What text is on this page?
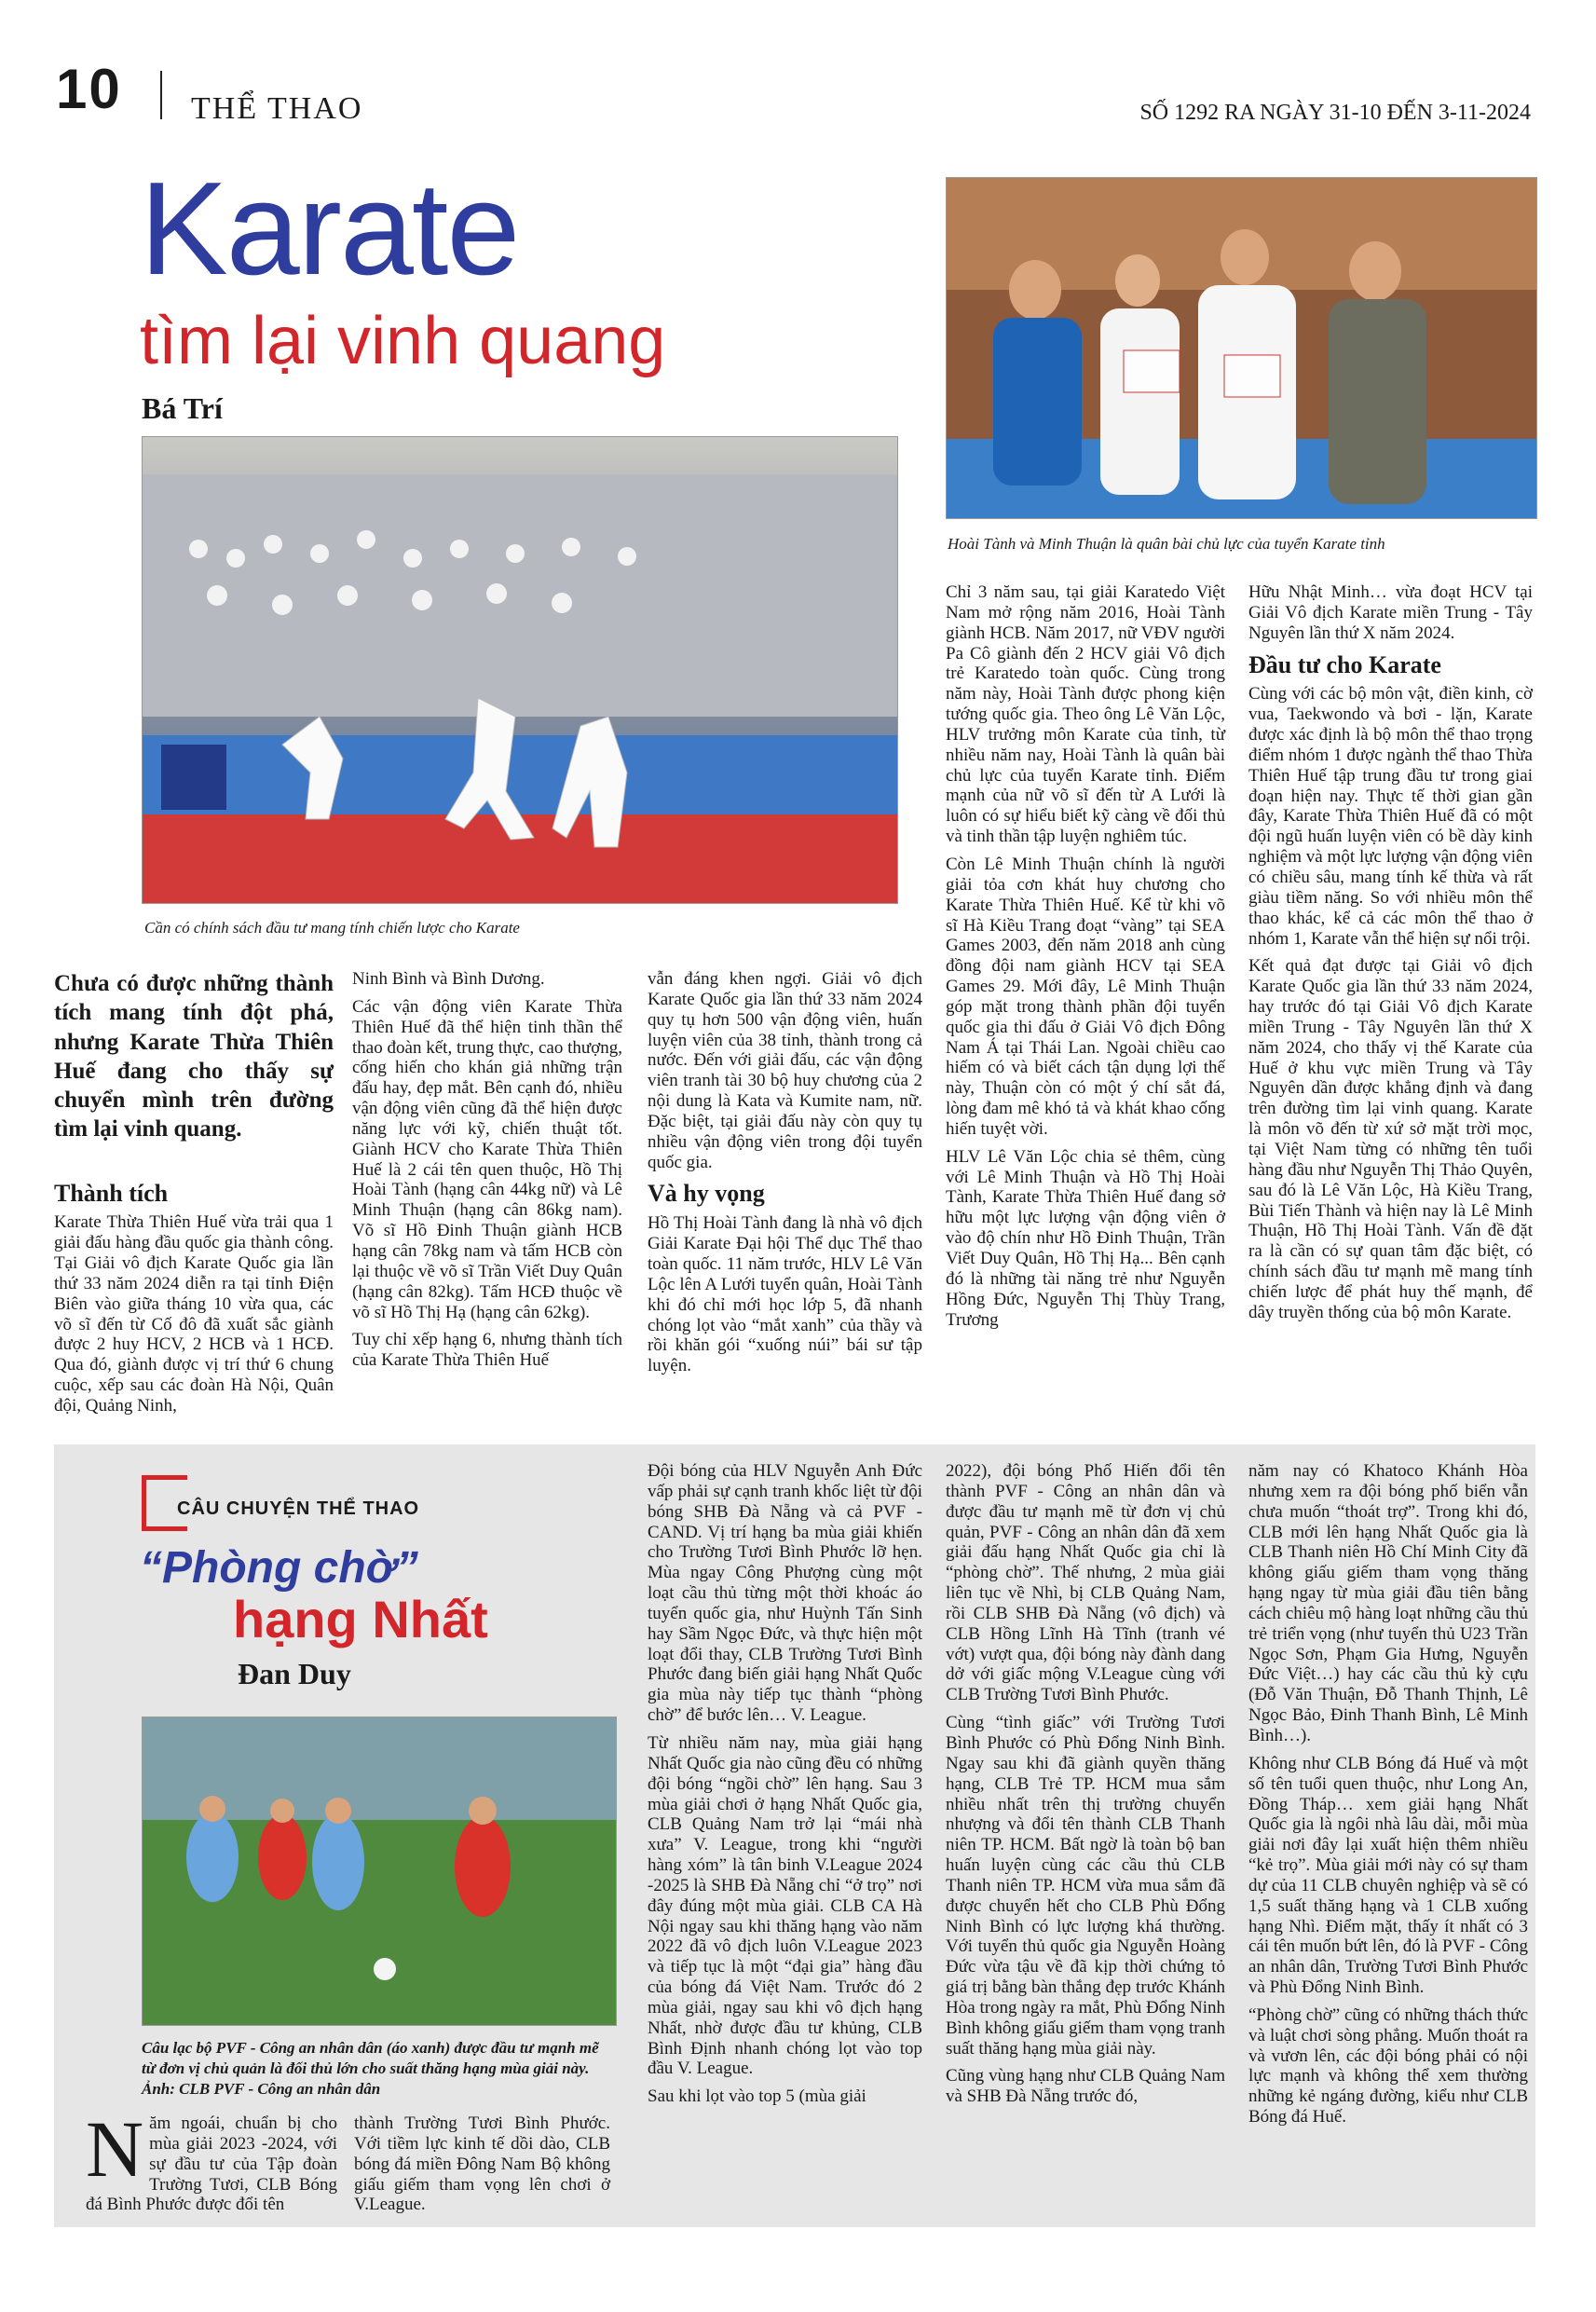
10 THỂ THAO	SỐ 1292 RA NGÀY 31-10 ĐẾN 3-11-2024
Karate
tìm lại vinh quang
Bá Trí
Cần có chính sách đầu tư mang tính chiến lược cho Karate
Hoài Tành và Minh Thuận là quân bài chủ lực của tuyển Karate tỉnh
Chưa có được những thành tích mang tính đột phá, nhưng Karate Thừa Thiên Huế đang cho thấy sự chuyển mình trên đường tìm lại vinh quang.
Thành tích

Karate Thừa Thiên Huế vừa trải qua 1 giải đấu hàng đầu quốc gia thành công. Tại Giải vô địch Karate Quốc gia lần thứ 33 năm 2024 diễn ra tại tỉnh Điện Biên vào giữa tháng 10 vừa qua, các võ sĩ đến từ Cố đô đã xuất sắc giành được 2 huy HCV, 2 HCB và 1 HCĐ. Qua đó, giành được vị trí thứ 6 chung cuộc, xếp sau các đoàn Hà Nội, Quân đội, Quảng Ninh,

Ninh Bình và Bình Dương.

Các vận động viên Karate Thừa Thiên Huế đã thể hiện tinh thần thể thao đoàn kết, trung thực, cao thượng, cống hiến cho khán giả những trận đấu hay, đẹp mắt. Bên cạnh đó, nhiều vận động viên cũng đã thể hiện được năng lực với kỹ, chiến thuật tốt. Giành HCV cho Karate Thừa Thiên Huế là 2 cái tên quen thuộc, Hồ Thị Hoài Tành (hạng cân 44kg nữ) và Lê Minh Thuận (hạng cân 86kg nam). Võ sĩ Hồ Đinh Thuận giành HCB hạng cân 78kg nam và tấm HCB còn lại thuộc về võ sĩ Trần Viết Duy Quân (hạng cân 82kg). Tấm HCĐ thuộc về võ sĩ Hồ Thị Hạ (hạng cân 62kg).

Tuy chỉ xếp hạng 6, nhưng thành tích của Karate Thừa Thiên Huế

vẫn đáng khen ngợi. Giải vô địch Karate Quốc gia lần thứ 33 năm 2024 quy tụ hơn 500 vận động viên, huấn luyện viên của 38 tỉnh, thành trong cả nước. Đến với giải đấu, các vận động viên tranh tài 30 bộ huy chương của 2 nội dung là Kata và Kumite nam, nữ. Đặc biệt, tại giải đấu này còn quy tụ nhiều vận động viên trong đội tuyển quốc gia.

Và hy vọng

Hồ Thị Hoài Tành đang là nhà vô địch Giải Karate Đại hội Thể dục Thể thao toàn quốc. 11 năm trước, HLV Lê Văn Lộc lên A Lưới tuyển quân, Hoài Tành khi đó chỉ mới học lớp 5, đã nhanh chóng lọt vào “mắt xanh” của thầy và rồi khăn gói “xuống núi” bái sư tập luyện.

Chỉ 3 năm sau, tại giải Karatedo Việt Nam mở rộng năm 2016, Hoài Tành giành HCB. Năm 2017, nữ VĐV người Pa Cô giành đến 2 HCV giải Vô địch trẻ Karatedo toàn quốc. Cùng trong năm này, Hoài Tành được phong kiện tướng quốc gia. Theo ông Lê Văn Lộc, HLV trưởng môn Karate của tỉnh, từ nhiều năm nay, Hoài Tành là quân bài chủ lực của tuyển Karate tỉnh. Điểm mạnh của nữ võ sĩ đến từ A Lưới là luôn có sự hiểu biết kỹ càng về đối thủ và tinh thần tập luyện nghiêm túc.

Còn Lê Minh Thuận chính là người giải tỏa cơn khát huy chương cho Karate Thừa Thiên Huế. Kể từ khi võ sĩ Hà Kiều Trang đoạt “vàng” tại SEA Games 2003, đến năm 2018 anh cùng đồng đội nam giành HCV tại SEA Games 29. Mới đây, Lê Minh Thuận góp mặt trong thành phần đội tuyển quốc gia thi đấu ở Giải Vô địch Đông Nam Á tại Thái Lan. Ngoài chiều cao hiếm có và biết cách tận dụng lợi thế này, Thuận còn có một ý chí sắt đá, lòng đam mê khó tả và khát khao cống hiến tuyệt vời.

HLV Lê Văn Lộc chia sẻ thêm, cùng với Lê Minh Thuận và Hồ Thị Hoài Tành, Karate Thừa Thiên Huế đang sở hữu một lực lượng vận động viên ở vào độ chín như Hồ Đinh Thuận, Trần Viết Duy Quân, Hồ Thị Hạ... Bên cạnh đó là những tài năng trẻ như Nguyễn Hồng Đức, Nguyễn Thị Thùy Trang, Trương

Hữu Nhật Minh… vừa đoạt HCV tại Giải Vô địch Karate miền Trung - Tây Nguyên lần thứ X năm 2024.

Đầu tư cho Karate

Cùng với các bộ môn vật, điền kinh, cờ vua, Taekwondo và bơi - lặn, Karate được xác định là bộ môn thể thao trọng điểm nhóm 1 được ngành thể thao Thừa Thiên Huế tập trung đầu tư trong giai đoạn hiện nay. Thực tế thời gian gần đây, Karate Thừa Thiên Huế đã có một đội ngũ huấn luyện viên có bề dày kinh nghiệm và một lực lượng vận động viên có chiều sâu, mang tính kế thừa và rất giàu tiềm năng. So với nhiều môn thể thao khác, kể cả các môn thể thao ở nhóm 1, Karate vẫn thể hiện sự nổi trội.

Kết quả đạt được tại Giải vô địch Karate Quốc gia lần thứ 33 năm 2024, hay trước đó tại Giải Vô địch Karate miền Trung - Tây Nguyên lần thứ X năm 2024, cho thấy vị thế Karate của Huế ở khu vực miền Trung và Tây Nguyên dần được khẳng định và đang trên đường tìm lại vinh quang. Karate là môn võ đến từ xứ sở mặt trời mọc, tại Việt Nam từng có những tên tuổi hàng đầu như Nguyễn Thị Thảo Quyên, sau đó là Lê Văn Lộc, Hà Kiều Trang, Bùi Tiến Thành và hiện nay là Lê Minh Thuận, Hồ Thị Hoài Tành. Vấn đề đặt ra là cần có sự quan tâm đặc biệt, có chính sách đầu tư mạnh mẽ mang tính chiến lược để phát huy thế mạnh, để dây truyền thống của bộ môn Karate.

CÂU CHUYỆN THỂ THAO
“Phòng chờ”
hạng Nhất
Đan Duy
Câu lạc bộ PVF - Công an nhân dân (áo xanh) được đầu tư mạnh mẽ từ đơn vị chủ quản là đối thủ lớn cho suất thăng hạng mùa giải này. Ảnh: CLB PVF - Công an nhân dân
N ăm ngoái, chuẩn bị cho mùa giải 2023 -2024, với sự đầu tư của Tập đoàn Trường Tươi, CLB Bóng đá Bình Phước được đổi tên

thành Trường Tươi Bình Phước. Với tiềm lực kinh tế dồi dào, CLB bóng đá miền Đông Nam Bộ không giấu giếm tham vọng lên chơi ở V.League.

Đội bóng của HLV Nguyễn Anh Đức vấp phải sự cạnh tranh khốc liệt từ đội bóng SHB Đà Nẵng và cả PVF - CAND. Vị trí hạng ba mùa giải khiến cho Trường Tươi Bình Phước lỡ hẹn. Mùa ngay Công Phượng cùng một loạt cầu thủ từng một thời khoác áo tuyển quốc gia, như Huỳnh Tấn Sinh hay Sầm Ngọc Đức, và thực hiện một loạt đổi thay, CLB Trường Tươi Bình Phước đang biến giải hạng Nhất Quốc gia mùa này tiếp tục thành “phòng chờ” để bước lên… V. League.

Từ nhiều năm nay, mùa giải hạng Nhất Quốc gia nào cũng đều có những đội bóng “ngồi chờ” lên hạng. Sau 3 mùa giải chơi ở hạng Nhất Quốc gia, CLB Quảng Nam trở lại “mái nhà xưa” V. League, trong khi “người hàng xóm” là tân binh V.League 2024 -2025 là SHB Đà Nẵng chỉ “ở trọ” nơi đây đúng một mùa giải. CLB CA Hà Nội ngay sau khi thăng hạng vào năm 2022 đã vô địch luôn V.League 2023 và tiếp tục là một “đại gia” hàng đầu của bóng đá Việt Nam. Trước đó 2 mùa giải, ngay sau khi vô địch hạng Nhất, nhờ được đầu tư khủng, CLB Bình Định nhanh chóng lọt vào top đầu V. League.

Sau khi lọt vào top 5 (mùa giải

2022), đội bóng Phố Hiến đổi tên thành PVF - Công an nhân dân và được đầu tư mạnh mẽ từ đơn vị chủ quản, PVF - Công an nhân dân đã xem giải đấu hạng Nhất Quốc gia chỉ là “phòng chờ”. Thế nhưng, 2 mùa giải liên tục về Nhì, bị CLB Quảng Nam, rồi CLB SHB Đà Nẵng (vô địch) và CLB Hồng Lĩnh Hà Tĩnh (tranh vé vớt) vượt qua, đội bóng này đành dang dở với giấc mộng V.League cùng với CLB Trường Tươi Bình Phước.

Cùng “tình giấc” với Trường Tươi Bình Phước có Phù Đổng Ninh Bình. Ngay sau khi đã giành quyền thăng hạng, CLB Trẻ TP. HCM mua sắm nhiều nhất trên thị trường chuyển nhượng và đổi tên thành CLB Thanh niên TP. HCM. Bất ngờ là toàn bộ ban huấn luyện cùng các cầu thủ CLB Thanh niên TP. HCM vừa mua sắm đã được chuyển hết cho CLB Phù Đổng Ninh Bình có lực lượng khá thường. Với tuyển thủ quốc gia Nguyễn Hoàng Đức vừa tậu về đã kịp thời chứng tỏ giá trị bằng bàn thắng đẹp trước Khánh Hòa trong ngày ra mắt, Phù Đổng Ninh Bình không giấu giếm tham vọng tranh suất thăng hạng mùa giải này.

Cũng vùng hạng như CLB Quảng Nam và SHB Đà Nẵng trước đó,

năm nay có Khatoco Khánh Hòa nhưng xem ra đội bóng phố biển vẫn chưa muốn “thoát trợ”. Trong khi đó, CLB mới lên hạng Nhất Quốc gia là CLB Thanh niên Hồ Chí Minh City đã không giấu giếm tham vọng thăng hạng ngay từ mùa giải đầu tiên bằng cách chiêu mộ hàng loạt những cầu thủ trẻ triển vọng (như tuyển thủ U23 Trần Ngọc Sơn, Phạm Gia Hưng, Nguyễn Đức Việt…) hay các cầu thủ kỳ cựu (Đỗ Văn Thuận, Đỗ Thanh Thịnh, Lê Ngọc Bảo, Đinh Thanh Bình, Lê Minh Bình…).

Không như CLB Bóng đá Huế và một số tên tuổi quen thuộc, như Long An, Đồng Tháp… xem giải hạng Nhất Quốc gia là ngôi nhà lâu dài, mỗi mùa giải nơi đây lại xuất hiện thêm nhiều “kẻ trọ”. Mùa giải mới này có sự tham dự của 11 CLB chuyên nghiệp và sẽ có 1,5 suất thăng hạng và 1 CLB xuống hạng Nhì. Điểm mặt, thấy ít nhất có 3 cái tên muốn bứt lên, đó là PVF - Công an nhân dân, Trường Tươi Bình Phước và Phù Đổng Ninh Bình.

“Phòng chờ” cũng có những thách thức và luật chơi sòng phẳng. Muốn thoát ra và vươn lên, các đội bóng phải có nội lực mạnh và không thể xem thường những kẻ ngáng đường, kiểu như CLB Bóng đá Huế.
